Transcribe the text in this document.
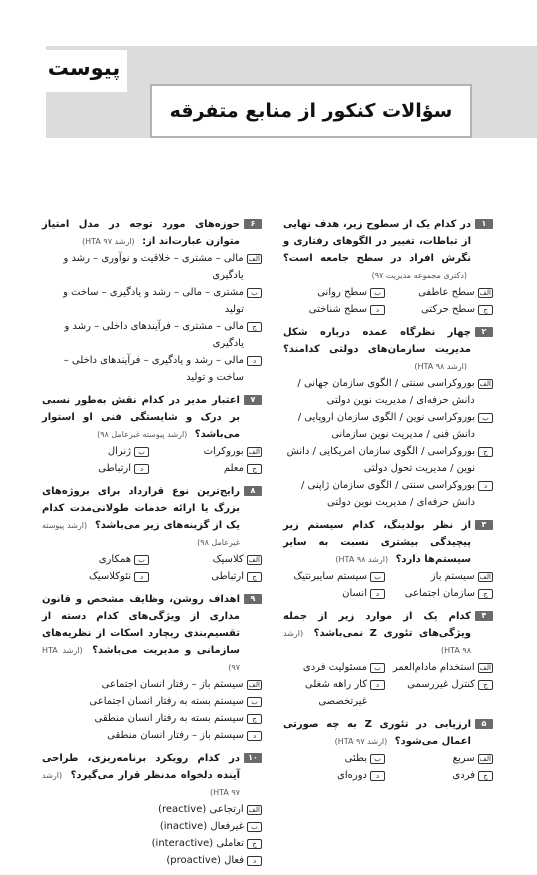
پیوست
سؤالات کنکور از منابع متفرقه
۱
در کدام یک از سطوح زیر، هدف نهایی از تباطات، تغییر در الگوهای رفتاری و نگرش افراد در سطح جامعه است؟ (دکتری مجموعه مدیریت ۹۷)
الف
سطح عاطفی
ب
سطح روانی
ج
سطح حرکتی
د
سطح شناختی
۲
چهار نظرگاه عمده درباره شکل مدیریت سازمان‌های دولتی کدامند؟ (ارشد HTA ۹۸)
الف
بوروکراسی سنتی / الگوی سازمان جهانی / دانش حرفه‌ای / مدیریت نوین دولتی
ب
بوروکراسی نوین / الگوی سازمان اروپایی / دانش فنی / مدیریت نوین سازمانی
ج
بوروکراسی / الگوی سازمان امریکایی / دانش نوین / مدیریت تحول دولتی
د
بوروکراسی سنتی / الگوی سازمان ژاپنی / دانش حرفه‌ای / مدیریت نوین دولتی
۳
از نظر بولدینگ، کدام سیستم زیر پیچیدگی بیشتری نسبت به سایر سیستم‌ها دارد؟ (ارشد HTA ۹۸)
الف
سیستم باز
ب
سیستم سایبرنتیک
ج
سازمان اجتماعی
د
انسان
۴
کدام یک از موارد زیر از جمله ویژگی‌های تئوری Z نمی‌باشد؟ (ارشد HTA ۹۸)
الف
استخدام مادام‌العمر
ب
مسئولیت فردی
ج
کنترل غیررسمی
د
کار راهه شغلی غیرتخصصی
۵
ارزیابی در تئوری Z به چه صورتی اعمال می‌شود؟ (ارشد HTA ۹۷)
الف
سریع
ب
بطئی
ج
فردی
د
دوره‌ای
۶
حوزه‌های مورد توجه در مدل امتیاز متوازن عبارت‌اند از: (ارشد HTA ۹۷)
الف
مالی – مشتری – خلاقیت و نوآوری – رشد و یادگیری
ب
مشتری – مالی – رشد و یادگیری – ساخت و تولید
ج
مالی – مشتری – فرآیندهای داخلی – رشد و یادگیری
د
مالی – رشد و یادگیری – فرآیندهای داخلی – ساخت و تولید
۷
اعتبار مدیر در کدام نقش به‌طور نسبی بر درک و شایستگی فنی او استوار می‌باشد؟ (ارشد پیوسته غیرعامل ۹۸)
الف
بوروکرات
ب
ژنرال
ج
معلم
د
ارتباطی
۸
رایج‌ترین نوع قرارداد برای بروژه‌های بزرگ یا ارائه خدمات طولانی‌مدت کدام یک از گزینه‌های زیر می‌باشد؟ (ارشد پیوسته غیرعامل ۹۸)
الف
کلاسیک
ب
همکاری
ج
ارتباطی
د
نئوکلاسیک
۹
اهداف روشن، وظایف مشخص و قانون مداری از ویژگی‌های کدام دسته از تقسیم‌بندی ریچارد اسکات از نظریه‌های سازمانی و مدیریت می‌باشد؟ (ارشد HTA ۹۷)
الف
سیستم باز – رفتار انسان اجتماعی
ب
سیستم بسته به رفتار انسان اجتماعی
ج
سیستم بسته به رفتار انسان منطقی
د
سیستم باز – رفتار انسان منطقی
۱۰
در کدام رویکرد برنامه‌ریزی، طراحی آینده دلخواه مدنظر قرار می‌گیرد؟ (ارشد HTA ۹۷)
الف
ارتجاعی (reactive)
ب
غیرفعال (inactive)
ج
تعاملی (interactive)
د
فعال (proactive)
